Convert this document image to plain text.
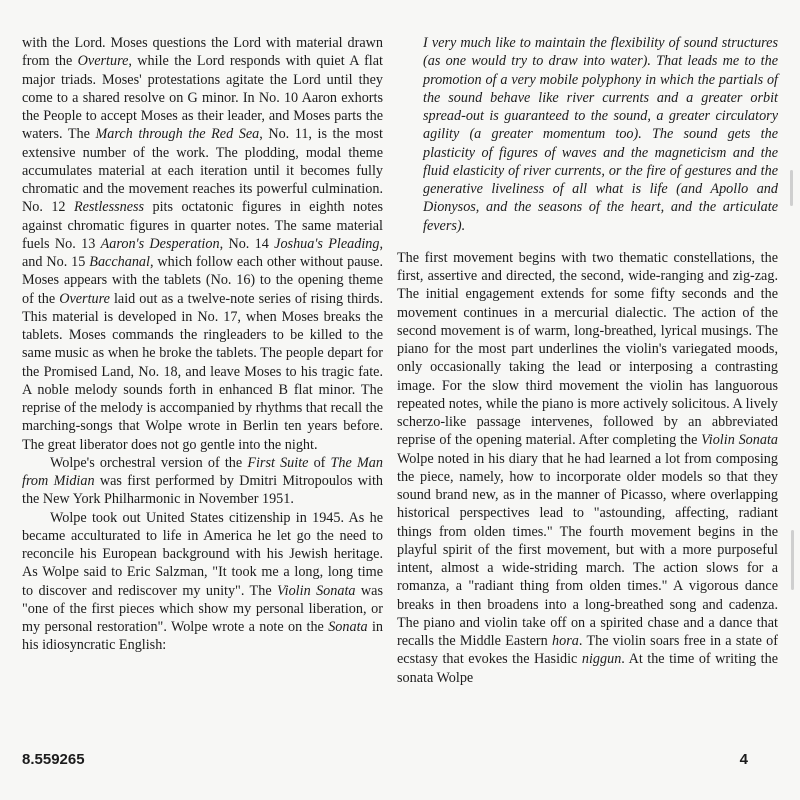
with the Lord. Moses questions the Lord with material drawn from the Overture, while the Lord responds with quiet A flat major triads. Moses' protestations agitate the Lord until they come to a shared resolve on G minor. In No. 10 Aaron exhorts the People to accept Moses as their leader, and Moses parts the waters. The March through the Red Sea, No. 11, is the most extensive number of the work. The plodding, modal theme accumulates material at each iteration until it becomes fully chromatic and the movement reaches its powerful culmination. No. 12 Restlessness pits octatonic figures in eighth notes against chromatic figures in quarter notes. The same material fuels No. 13 Aaron's Desperation, No. 14 Joshua's Pleading, and No. 15 Bacchanal, which follow each other without pause. Moses appears with the tablets (No. 16) to the opening theme of the Overture laid out as a twelve-note series of rising thirds. This material is developed in No. 17, when Moses breaks the tablets. Moses commands the ringleaders to be killed to the same music as when he broke the tablets. The people depart for the Promised Land, No. 18, and leave Moses to his tragic fate. A noble melody sounds forth in enhanced B flat minor. The reprise of the melody is accompanied by rhythms that recall the marching-songs that Wolpe wrote in Berlin ten years before. The great liberator does not go gentle into the night.

Wolpe's orchestral version of the First Suite of The Man from Midian was first performed by Dmitri Mitropoulos with the New York Philharmonic in November 1951.

Wolpe took out United States citizenship in 1945. As he became acculturated to life in America he let go the need to reconcile his European background with his Jewish heritage. As Wolpe said to Eric Salzman, "It took me a long, long time to discover and rediscover my unity". The Violin Sonata was "one of the first pieces which show my personal liberation, or my personal restoration". Wolpe wrote a note on the Sonata in his idiosyncratic English:

I very much like to maintain the flexibility of sound structures (as one would try to draw into water). That leads me to the promotion of a very mobile polyphony in which the partials of the sound behave like river currents and a greater orbit spread-out is guaranteed to the sound, a greater circulatory agility (a greater momentum too). The sound gets the plasticity of figures of waves and the magneticism and the fluid elasticity of river currents, or the fire of gestures and the generative liveliness of all what is life (and Apollo and Dionysos, and the seasons of the heart, and the articulate fevers).

The first movement begins with two thematic constellations, the first, assertive and directed, the second, wide-ranging and zig-zag. The initial engagement extends for some fifty seconds and the movement continues in a mercurial dialectic. The action of the second movement is of warm, long-breathed, lyrical musings. The piano for the most part underlines the violin's variegated moods, only occasionally taking the lead or interposing a contrasting image. For the slow third movement the violin has languorous repeated notes, while the piano is more actively solicitous. A lively scherzo-like passage intervenes, followed by an abbreviated reprise of the opening material. After completing the Violin Sonata Wolpe noted in his diary that he had learned a lot from composing the piece, namely, how to incorporate older models so that they sound brand new, as in the manner of Picasso, where overlapping historical perspectives lead to "astounding, affecting, radiant things from olden times." The fourth movement begins in the playful spirit of the first movement, but with a more purposeful intent, almost a wide-striding march. The action slows for a romanza, a "radiant thing from olden times." A vigorous dance breaks in then broadens into a long-breathed song and cadenza. The piano and violin take off on a spirited chase and a dance that recalls the Middle Eastern hora. The violin soars free in a state of ecstasy that evokes the Hasidic niggun. At the time of writing the sonata Wolpe

8.559265	4
